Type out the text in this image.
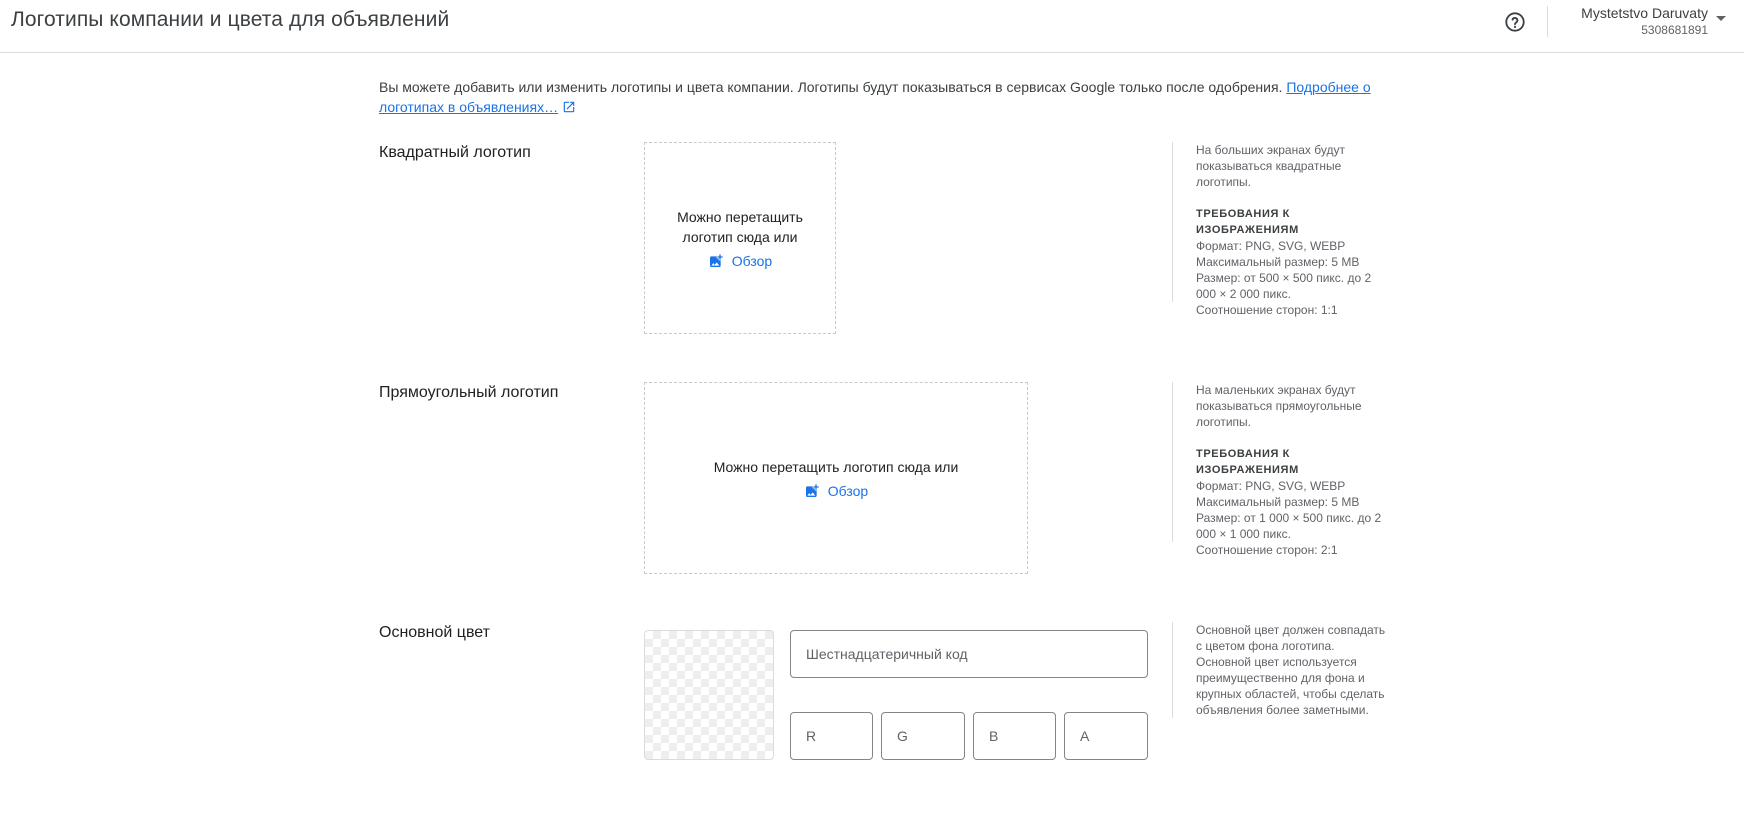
Логотипы компании и цвета для объявлений	Mystetstvo Daruvaty
5308681891
Вы можете добавить или изменить логотипы и цвета компании. Логотипы будут показываться в сервисах Google только после одобрения. Подробнее о логотипах в объявлениях…
Квадратный логотип
Можно перетащить
логотип сюда или
Обзор
На больших экранах будут показываться квадратные логотипы.
ТРЕБОВАНИЯ К ИЗОБРАЖЕНИЯМ
Формат: PNG, SVG, WEBP
Максимальный размер: 5 MB
Размер: от 500 × 500 пикс. до 2 000 × 2 000 пикс.
Соотношение сторон: 1:1
Прямоугольный логотип
Можно перетащить логотип сюда или
Обзор
На маленьких экранах будут показываться прямоугольные логотипы.
ТРЕБОВАНИЯ К ИЗОБРАЖЕНИЯМ
Формат: PNG, SVG, WEBP
Максимальный размер: 5 MB
Размер: от 1 000 × 500 пикс. до 2 000 × 1 000 пикс.
Соотношение сторон: 2:1
Основной цвет
Шестнадцатеричный код
R
G
B
A	Основной цвет должен совпадать с цветом фона логотипа. Основной цвет используется преимущественно для фона и крупных областей, чтобы сделать объявления более заметными.
